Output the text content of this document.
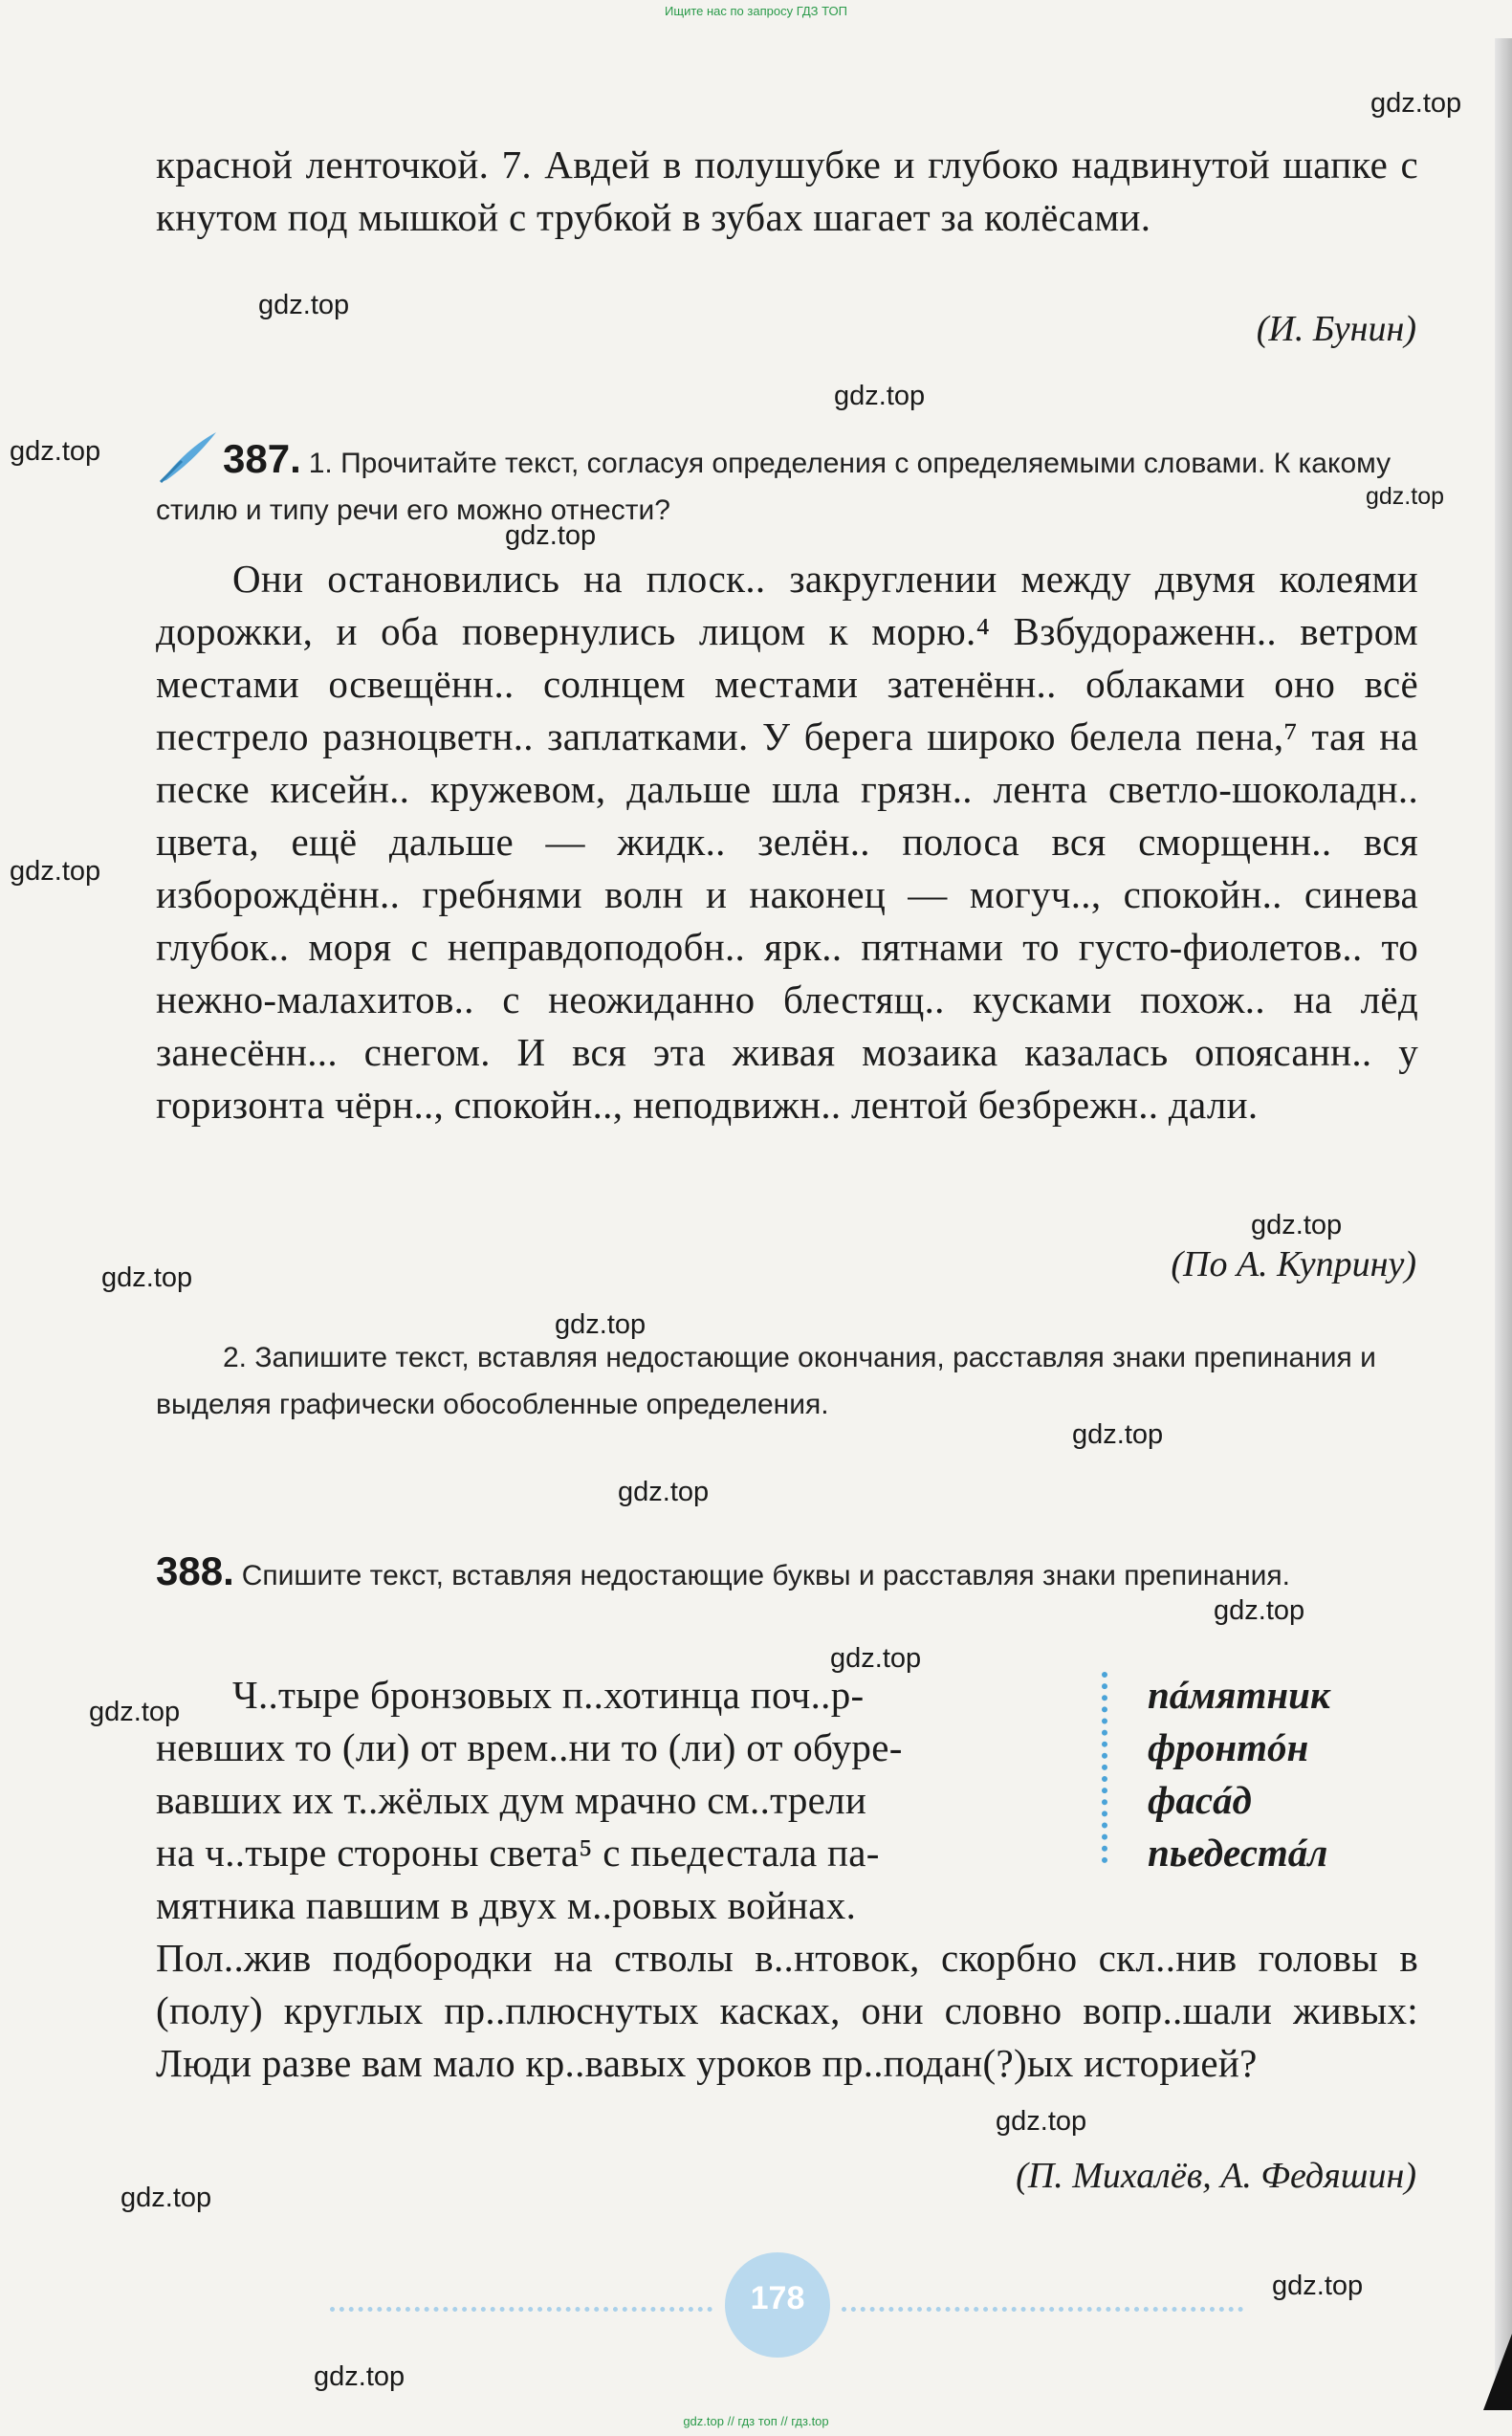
Ищите нас по запросу ГДЗ ТОП
gdz.top
gdz.top
gdz.top
gdz.top
gdz.top
gdz.top
gdz.top
gdz.top
gdz.top
gdz.top
gdz.top
gdz.top
gdz.top
gdz.top
gdz.top
gdz.top
gdz.top
gdz.top
gdz.top

красной ленточкой. 7. Авдей в полушубке и глубоко надвинутой шапке с кнутом под мышкой с трубкой в зубах шагает за колёсами.

(И. Бунин)

387. 1. Прочитайте текст, согласуя определения с определяемыми словами. К какому стилю и типу речи его можно отнести?

Они остановились на плоск.. закруглении между двумя колеями дорожки, и оба повернулись лицом к морю.⁴ Взбудораженн.. ветром местами освещённ.. солнцем местами затенённ.. облаками оно всё пестрело разноцветн.. заплатками. У берега широко белела пена,⁷ тая на песке кисейн.. кружевом, дальше шла грязн.. лента светло-шоколадн.. цвета, ещё дальше — жидк.. зелён.. полоса вся сморщенн.. вся изборождённ.. гребнями волн и наконец — могуч.., спокойн.. синева глубок.. моря с неправдоподобн.. ярк.. пятнами то густо-фиолетов.. то нежно-малахитов.. с неожиданно блестящ.. кусками похож.. на лёд занесённ... снегом. И вся эта живая мозаика казалась опоясанн.. у горизонта чёрн.., спокойн.., неподвижн.. лентой безбрежн.. дали.

(По А. Куприну)

2. Запишите текст, вставляя недостающие окончания, расставляя знаки препинания и выделяя графически обособленные определения.

388. Спишите текст, вставляя недостающие буквы и расставляя знаки препинания.

Ч..тыре бронзовых п..хотинца поч..р-
невших то (ли) от врем..ни то (ли) от обуре-
вавших их т..жёлых дум мрачно см..трели
на ч..тыре стороны света⁵ с пьедестала па-
мятника павшим в двух м..ровых войнах.
пáмятник
фронтóн
фасáд
пьедестáл

Пол..жив подбородки на стволы в..нтовок, скорбно скл..нив головы в (полу) круглых пр..плюснутых касках, они словно вопр..шали живых: Люди разве вам мало кр..вавых уроков пр..подан(?)ых историей?

(П. Михалёв, А. Федяшин)
178
gdz.top // гдз топ // гдз.top
